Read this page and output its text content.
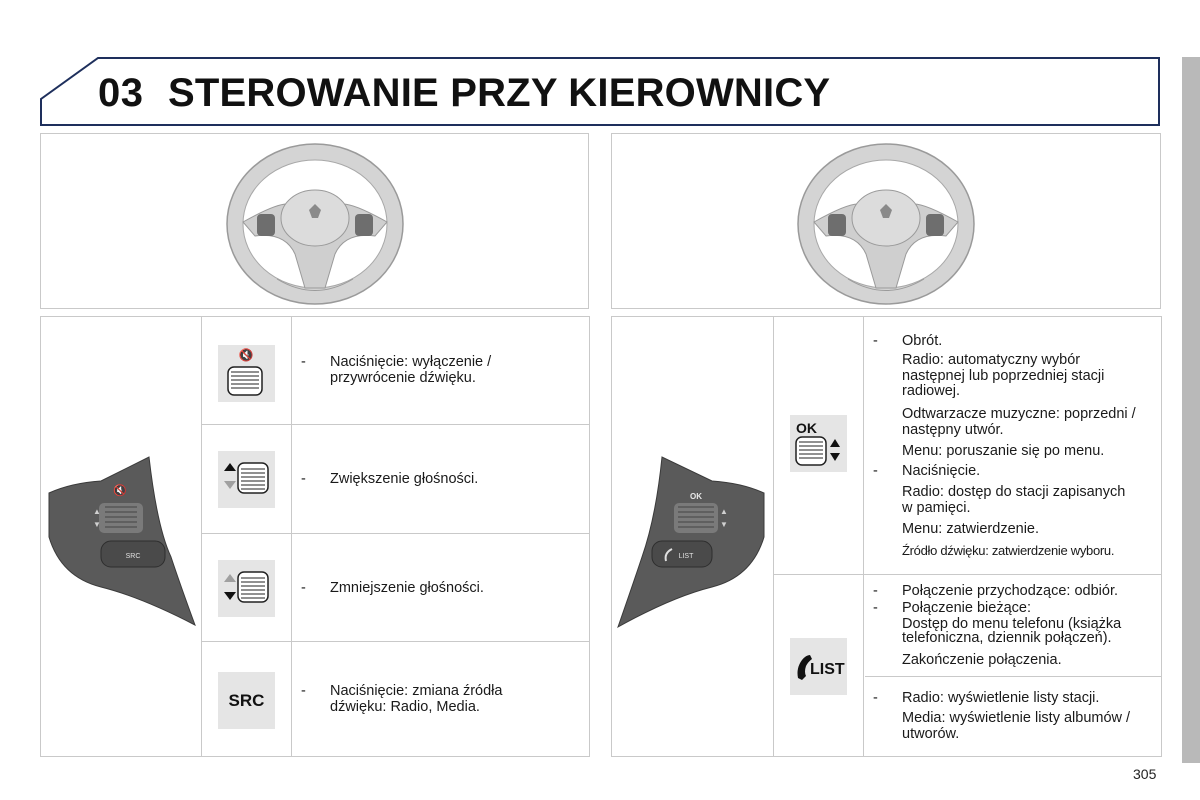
03 STEROWANIE PRZY KIEROWNICY
🔇
▲
▼
SRC
🔇	- Naciśnięcie: wyłączenie /
przywrócenie dźwięku.
- Zwiększenie głośności.
- Zmniejszenie głośności.
SRC	- Naciśnięcie: zmiana źródła
dźwięku: Radio, Media.
OK
▲
▼
LIST
OK
- Obrót.
Radio: automatyczny wybór
następnej lub poprzedniej stacji
radiowej.
Odtwarzacze muzyczne: poprzedni /
następny utwór.
Menu: poruszanie się po menu.
- Naciśnięcie.
Radio: dostęp do stacji zapisanych
w pamięci.
Menu: zatwierdzenie.
Źródło dźwięku: zatwierdzenie wyboru.
LIST
- Połączenie przychodzące: odbiór.
- Połączenie bieżące:
Dostęp do menu telefonu (książka
telefoniczna, dziennik połączeń).
Zakończenie połączenia.
- Radio: wyświetlenie listy stacji.
Media: wyświetlenie listy albumów /
utworów.
305
